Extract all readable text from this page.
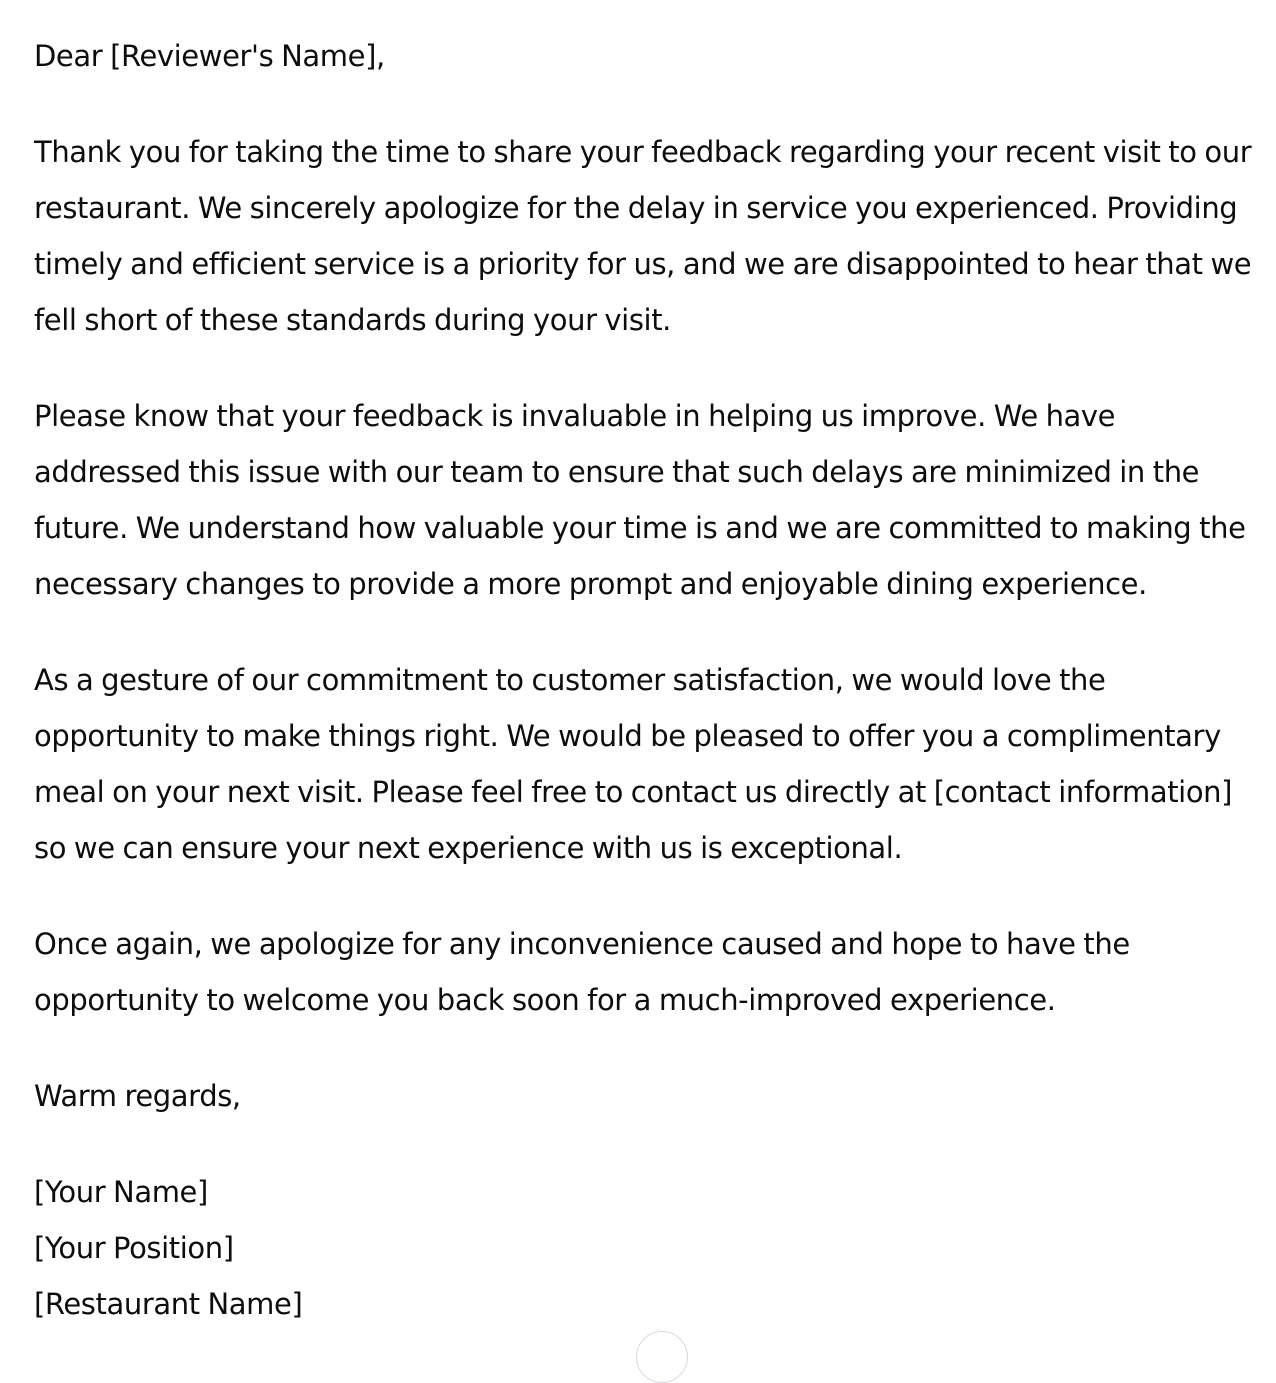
Dear [Reviewer's Name],

Thank you for taking the time to share your feedback regarding your recent visit to our restaurant. We sincerely apologize for the delay in service you experienced. Providing timely and efficient service is a priority for us, and we are disappointed to hear that we fell short of these standards during your visit.

Please know that your feedback is invaluable in helping us improve. We have addressed this issue with our team to ensure that such delays are minimized in the future. We understand how valuable your time is and we are committed to making the necessary changes to provide a more prompt and enjoyable dining experience.

As a gesture of our commitment to customer satisfaction, we would love the opportunity to make things right. We would be pleased to offer you a complimentary meal on your next visit. Please feel free to contact us directly at [contact information] so we can ensure your next experience with us is exceptional.

Once again, we apologize for any inconvenience caused and hope to have the opportunity to welcome you back soon for a much-improved experience.

Warm regards,

[Your Name]
[Your Position]
[Restaurant Name]
